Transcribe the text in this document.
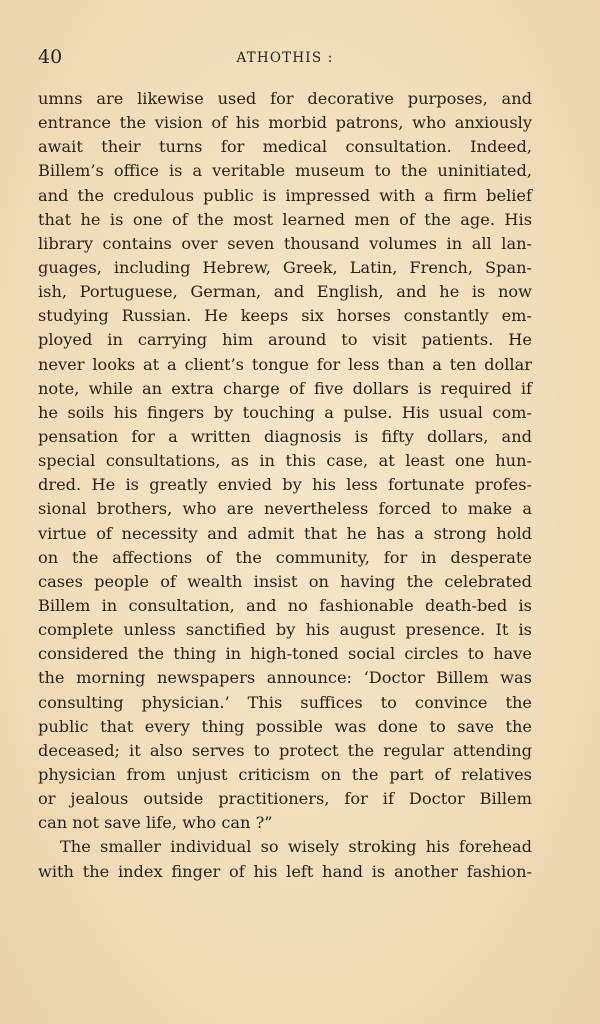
40	ATHOTHIS :
umns are likewise used for decorative purposes, and
entrance the vision of his morbid patrons, who anxiously
await their turns for medical consultation. Indeed,
Billem’s office is a veritable museum to the uninitiated,
and the credulous public is impressed with a firm belief
that he is one of the most learned men of the age. His
library contains over seven thousand volumes in all lan-
guages, including Hebrew, Greek, Latin, French, Span-
ish, Portuguese, German, and English, and he is now
studying Russian. He keeps six horses constantly em-
ployed in carrying him around to visit patients. He
never looks at a client’s tongue for less than a ten dollar
note, while an extra charge of five dollars is required if
he soils his fingers by touching a pulse. His usual com-
pensation for a written diagnosis is fifty dollars, and
special consultations, as in this case, at least one hun-
dred. He is greatly envied by his less fortunate profes-
sional brothers, who are nevertheless forced to make a
virtue of necessity and admit that he has a strong hold
on the affections of the community, for in desperate
cases people of wealth insist on having the celebrated
Billem in consultation, and no fashionable death-bed is
complete unless sanctified by his august presence. It is
considered the thing in high-toned social circles to have
the morning newspapers announce: ‘Doctor Billem was
consulting physician.’ This suffices to convince the
public that every thing possible was done to save the
deceased; it also serves to protect the regular attending
physician from unjust criticism on the part of relatives
or jealous outside practitioners, for if Doctor Billem
can not save life, who can ?”
The smaller individual so wisely stroking his forehead
with the index finger of his left hand is another fashion-
